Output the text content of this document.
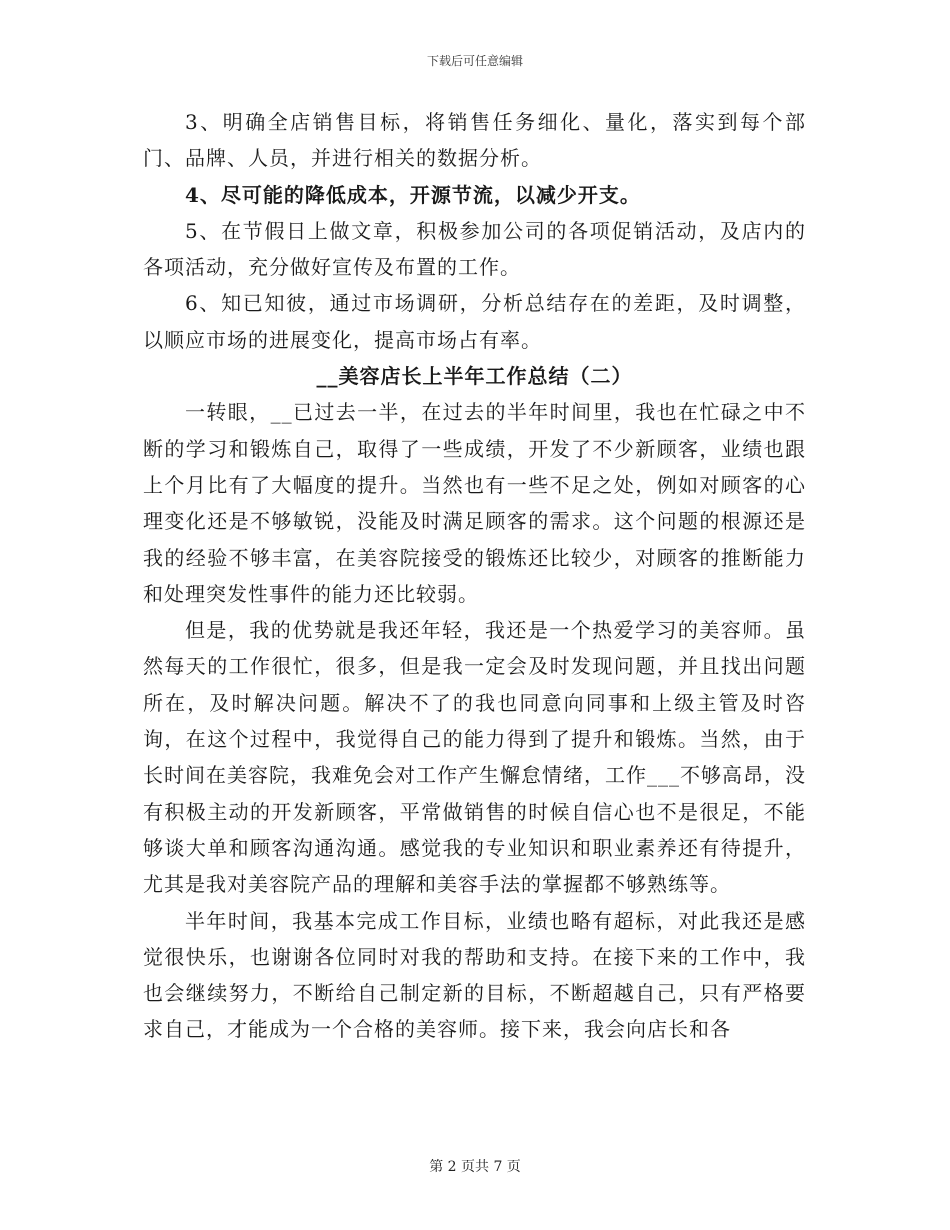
下载后可任意编辑

3、明确全店销售目标，将销售任务细化、量化，落实到每个部门、品牌、人员，并进行相关的数据分析。

4、尽可能的降低成本，开源节流，以减少开支。

5、在节假日上做文章，积极参加公司的各项促销活动，及店内的各项活动，充分做好宣传及布置的工作。

6、知已知彼，通过市场调研，分析总结存在的差距，及时调整，以顺应市场的进展变化，提高市场占有率。

__美容店长上半年工作总结（二）

一转眼，__已过去一半，在过去的半年时间里，我也在忙碌之中不断的学习和锻炼自己，取得了一些成绩，开发了不少新顾客，业绩也跟上个月比有了大幅度的提升。当然也有一些不足之处，例如对顾客的心理变化还是不够敏锐，没能及时满足顾客的需求。这个问题的根源还是我的经验不够丰富，在美容院接受的锻炼还比较少，对顾客的推断能力和处理突发性事件的能力还比较弱。

但是，我的优势就是我还年轻，我还是一个热爱学习的美容师。虽然每天的工作很忙，很多，但是我一定会及时发现问题，并且找出问题所在，及时解决问题。解决不了的我也同意向同事和上级主管及时咨询，在这个过程中，我觉得自己的能力得到了提升和锻炼。当然，由于长时间在美容院，我难免会对工作产生懈怠情绪，工作___不够高昂，没有积极主动的开发新顾客，平常做销售的时候自信心也不是很足，不能够谈大单和顾客沟通沟通。感觉我的专业知识和职业素养还有待提升，尤其是我对美容院产品的理解和美容手法的掌握都不够熟练等。

半年时间，我基本完成工作目标，业绩也略有超标，对此我还是感觉很快乐，也谢谢各位同时对我的帮助和支持。在接下来的工作中，我也会继续努力，不断给自己制定新的目标，不断超越自己，只有严格要求自己，才能成为一个合格的美容师。接下来，我会向店长和各

第 2 页共 7 页
